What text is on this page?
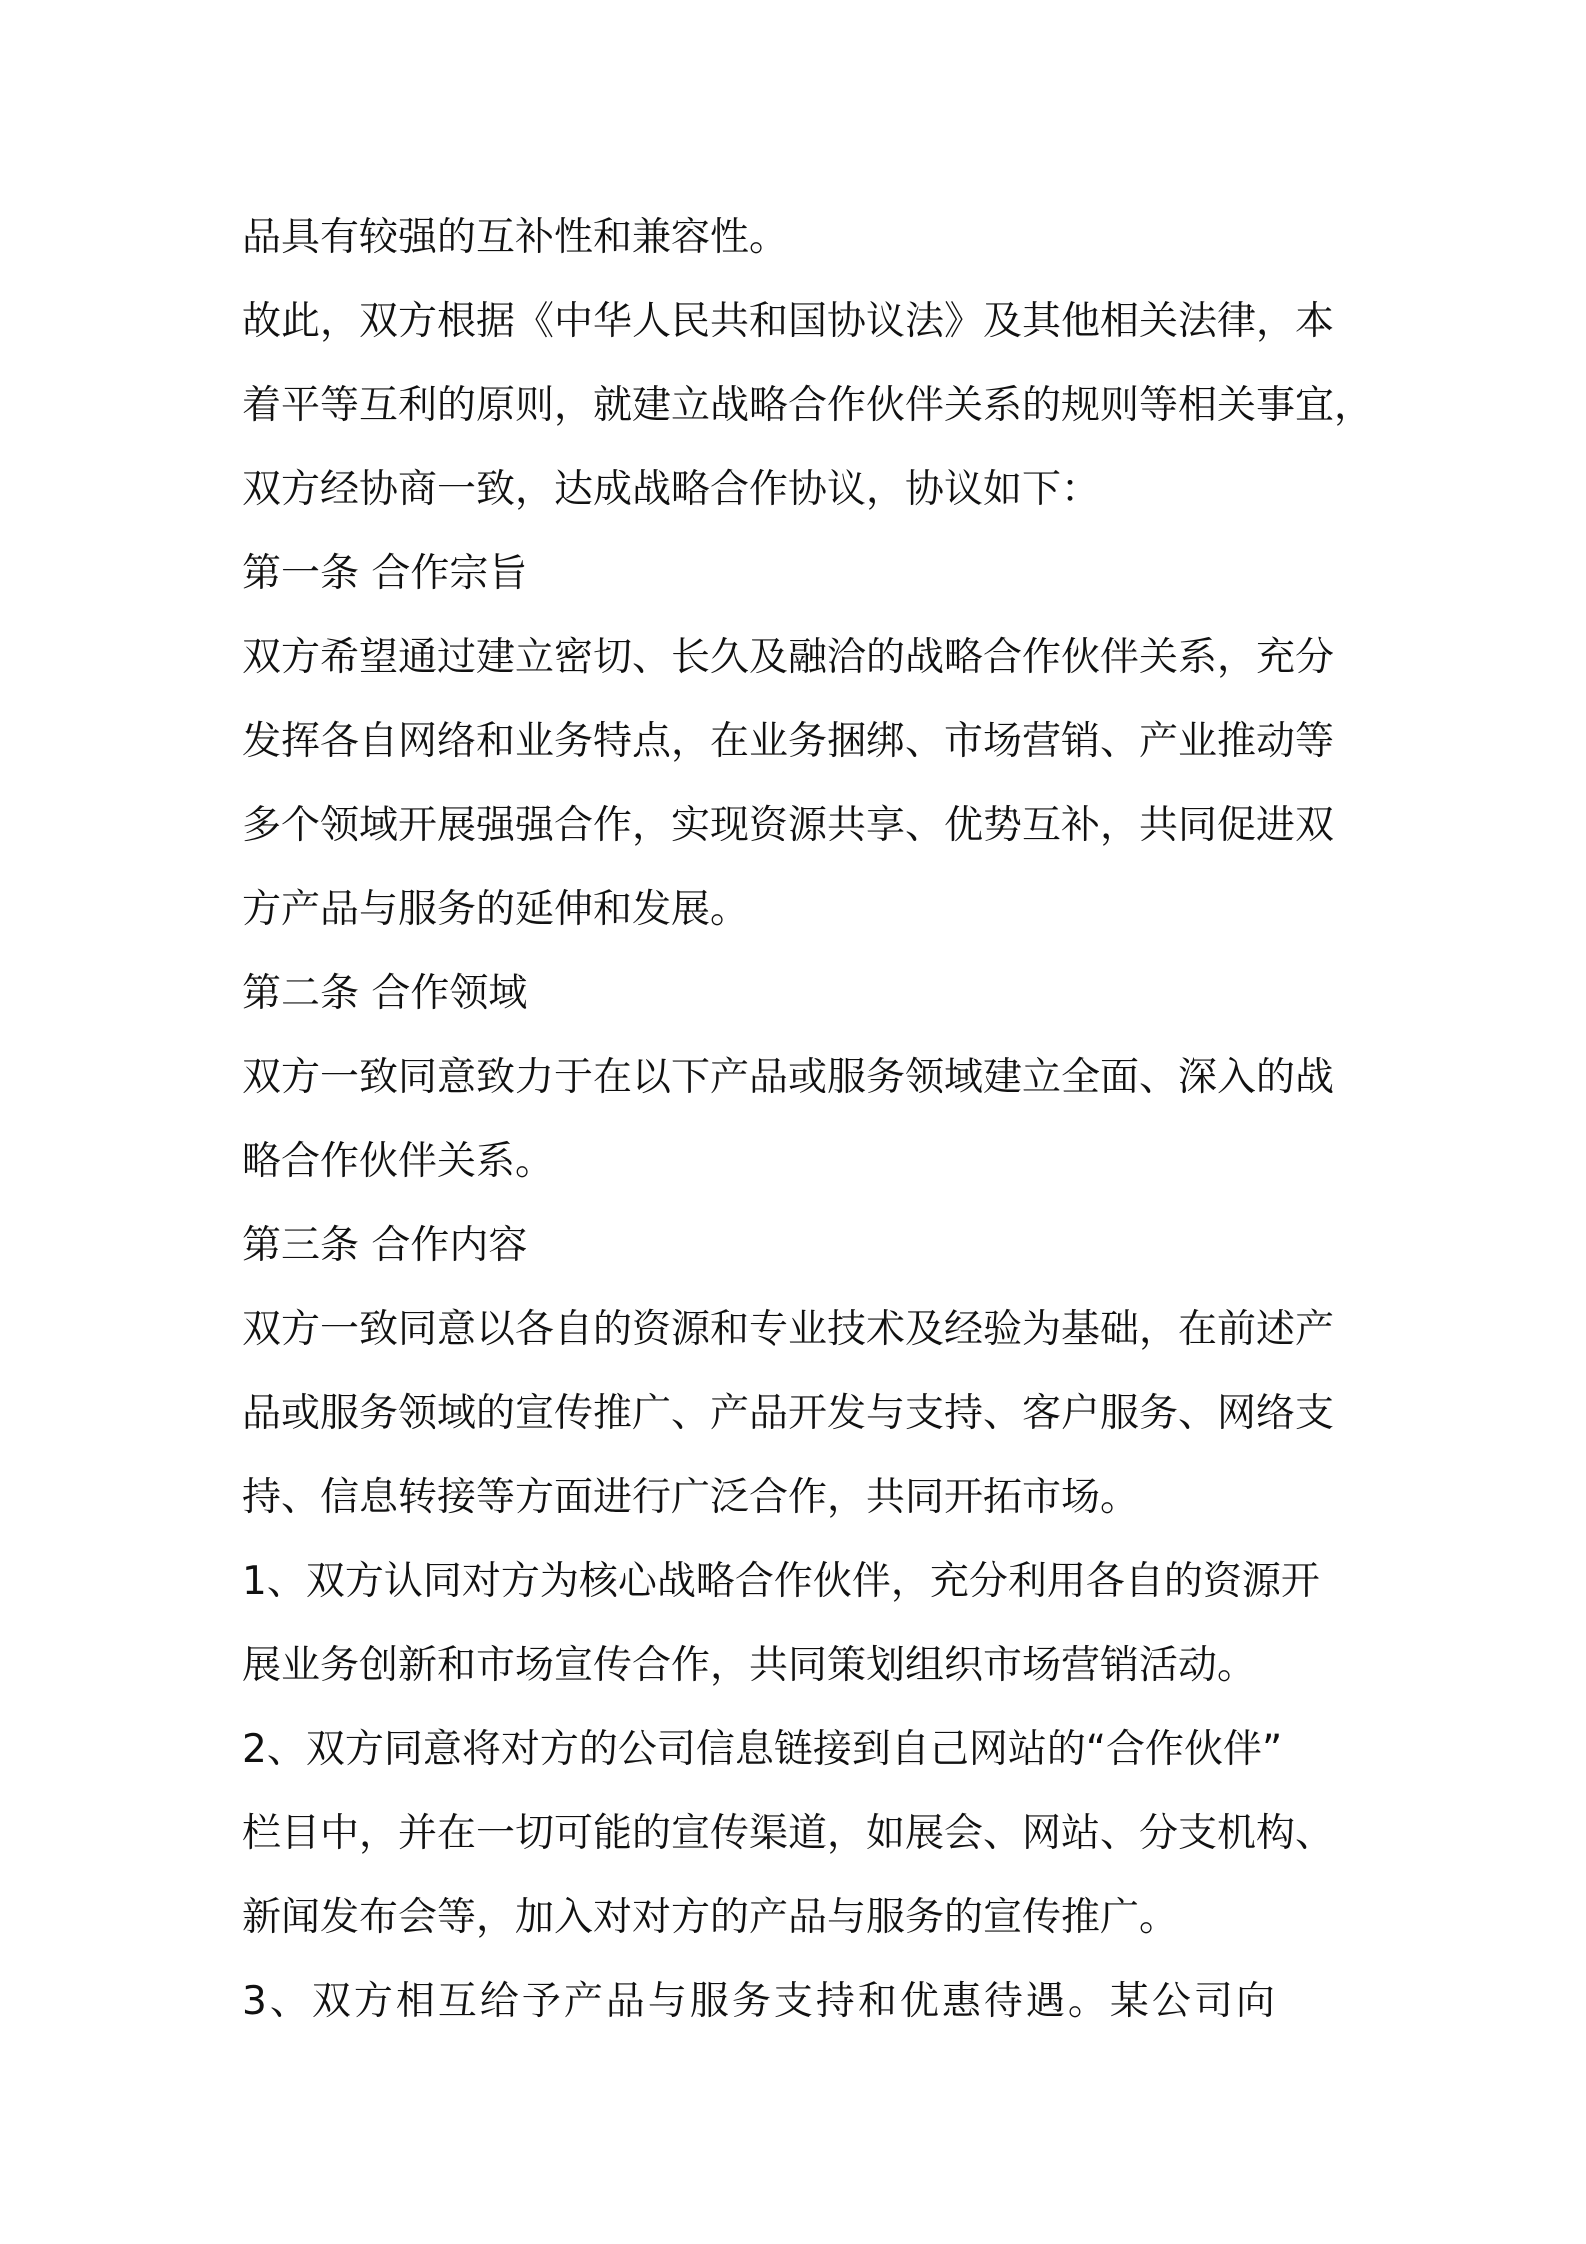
品具有较强的互补性和兼容性。
故此，双方根据《中华人民共和国协议法》及其他相关法律，本
着平等互利的原则，就建立战略合作伙伴关系的规则等相关事宜，
双方经协商一致，达成战略合作协议，协议如下：
第一条 合作宗旨
双方希望通过建立密切、长久及融洽的战略合作伙伴关系，充分
发挥各自网络和业务特点，在业务捆绑、市场营销、产业推动等
多个领域开展强强合作，实现资源共享、优势互补，共同促进双
方产品与服务的延伸和发展。
第二条 合作领域
双方一致同意致力于在以下产品或服务领域建立全面、深入的战
略合作伙伴关系。
第三条 合作内容
双方一致同意以各自的资源和专业技术及经验为基础，在前述产
品或服务领域的宣传推广、产品开发与支持、客户服务、网络支
持、信息转接等方面进行广泛合作，共同开拓市场。
1、双方认同对方为核心战略合作伙伴，充分利用各自的资源开
展业务创新和市场宣传合作，共同策划组织市场营销活动。
2、双方同意将对方的公司信息链接到自己网站的“合作伙伴”
栏目中，并在一切可能的宣传渠道，如展会、网站、分支机构、
新闻发布会等，加入对对方的产品与服务的宣传推广。
3、双方相互给予产品与服务支持和优惠待遇。某公司向
